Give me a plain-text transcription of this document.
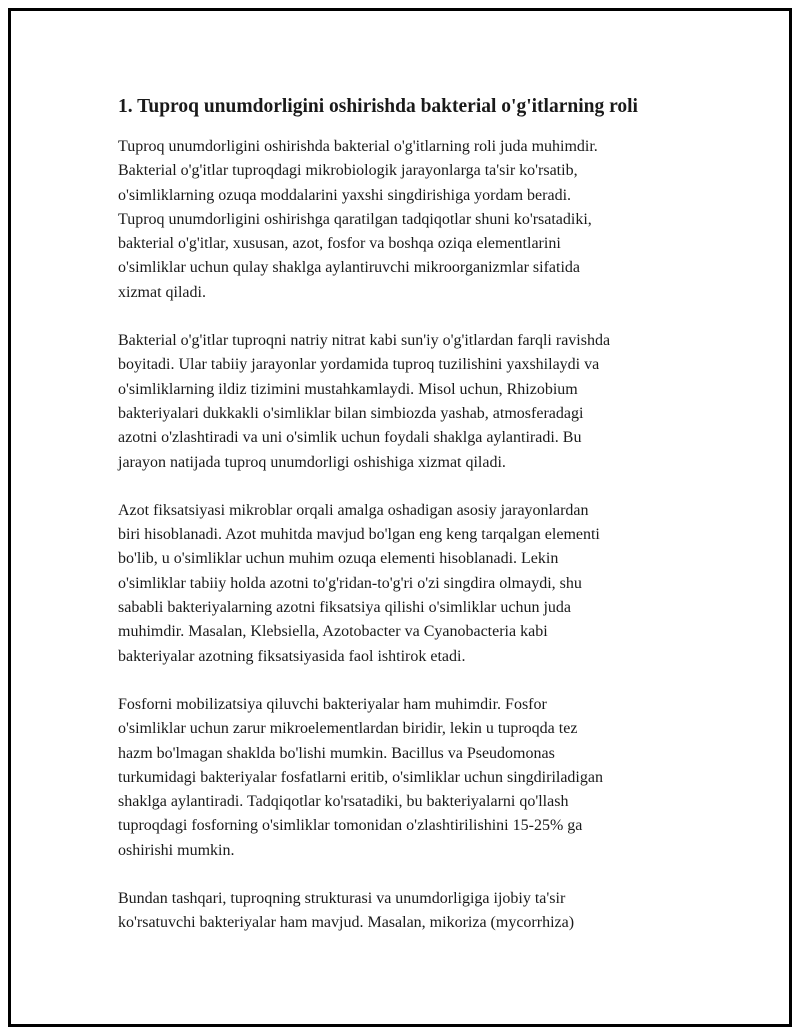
1. Tuproq unumdorligini oshirishda bakterial o'g'itlarning roli
Tuproq unumdorligini oshirishda bakterial o'g'itlarning roli juda muhimdir.
Bakterial o'g'itlar tuproqdagi mikrobiologik jarayonlarga ta'sir ko'rsatib,
o'simliklarning ozuqa moddalarini yaxshi singdirishiga yordam beradi.
Tuproq unumdorligini oshirishga qaratilgan tadqiqotlar shuni ko'rsatadiki,
bakterial o'g'itlar, xususan, azot, fosfor va boshqa oziqa elementlarini
o'simliklar uchun qulay shaklga aylantiruvchi mikroorganizmlar sifatida
xizmat qiladi.
Bakterial o'g'itlar tuproqni natriy nitrat kabi sun'iy o'g'itlardan farqli ravishda
boyitadi. Ular tabiiy jarayonlar yordamida tuproq tuzilishini yaxshilaydi va
o'simliklarning ildiz tizimini mustahkamlaydi. Misol uchun, Rhizobium
bakteriyalari dukkakli o'simliklar bilan simbiozda yashab, atmosferadagi
azotni o'zlashtiradi va uni o'simlik uchun foydali shaklga aylantiradi. Bu
jarayon natijada tuproq unumdorligi oshishiga xizmat qiladi.
Azot fiksatsiyasi mikroblar orqali amalga oshadigan asosiy jarayonlardan
biri hisoblanadi. Azot muhitda mavjud bo'lgan eng keng tarqalgan elementi
bo'lib, u o'simliklar uchun muhim ozuqa elementi hisoblanadi. Lekin
o'simliklar tabiiy holda azotni to'g'ridan-to'g'ri o'zi singdira olmaydi, shu
sababli bakteriyalarning azotni fiksatsiya qilishi o'simliklar uchun juda
muhimdir. Masalan, Klebsiella, Azotobacter va Cyanobacteria kabi
bakteriyalar azotning fiksatsiyasida faol ishtirok etadi.
Fosforni mobilizatsiya qiluvchi bakteriyalar ham muhimdir. Fosfor
o'simliklar uchun zarur mikroelementlardan biridir, lekin u tuproqda tez
hazm bo'lmagan shaklda bo'lishi mumkin. Bacillus va Pseudomonas
turkumidagi bakteriyalar fosfatlarni eritib, o'simliklar uchun singdiriladigan
shaklga aylantiradi. Tadqiqotlar ko'rsatadiki, bu bakteriyalarni qo'llash
tuproqdagi fosforning o'simliklar tomonidan o'zlashtirilishini 15-25% ga
oshirishi mumkin.
Bundan tashqari, tuproqning strukturasi va unumdorligiga ijobiy ta'sir
ko'rsatuvchi bakteriyalar ham mavjud. Masalan, mikoriza (mycorrhiza)
